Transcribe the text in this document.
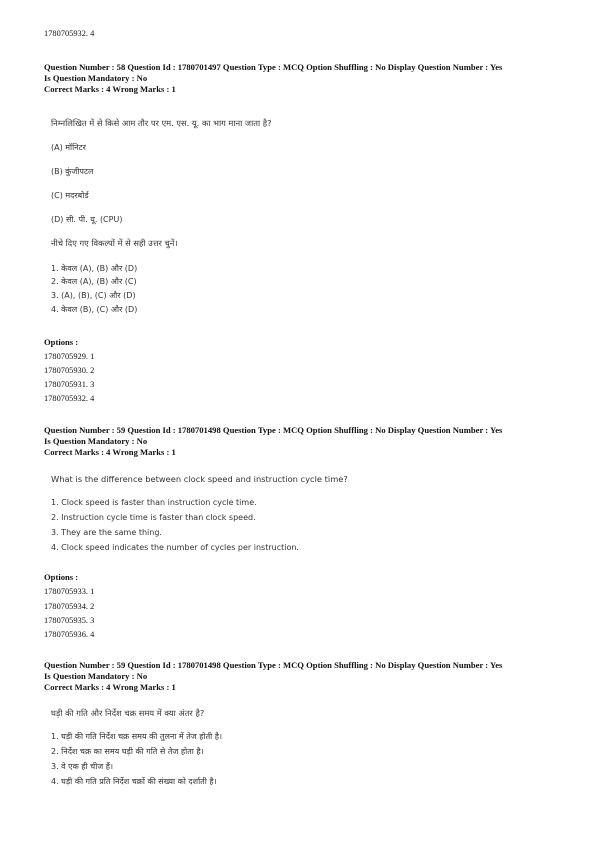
1780705932. 4
Question Number : 58 Question Id : 1780701497 Question Type : MCQ Option Shuffling : No Display Question Number : Yes
Is Question Mandatory : No
Correct Marks : 4 Wrong Marks : 1
निम्नलिखित में से किसे आम तौर पर एम. एस. यू. का भाग माना जाता है?
(A) मॉनिटर
(B) कुंजीपटल
(C) मदरबोर्ड
(D) सी. पी. यू. (CPU)
नीचे दिए गए विकल्पों में से सही उत्तर चुनें।
1. केवल (A), (B) और (D)
2. केवल (A), (B) और (C)
3. (A), (B), (C) और (D)
4. केवल (B), (C) और (D)
Options :
1780705929. 1
1780705930. 2
1780705931. 3
1780705932. 4
Question Number : 59 Question Id : 1780701498 Question Type : MCQ Option Shuffling : No Display Question Number : Yes
Is Question Mandatory : No
Correct Marks : 4 Wrong Marks : 1
What is the difference between clock speed and instruction cycle time?
1. Clock speed is faster than instruction cycle time.
2. Instruction cycle time is faster than clock speed.
3. They are the same thing.
4. Clock speed indicates the number of cycles per instruction.
Options :
1780705933. 1
1780705934. 2
1780705935. 3
1780705936. 4
Question Number : 59 Question Id : 1780701498 Question Type : MCQ Option Shuffling : No Display Question Number : Yes
Is Question Mandatory : No
Correct Marks : 4 Wrong Marks : 1
घड़ी की गति और निर्देश चक्र समय में क्या अंतर है?
1. घड़ी की गति निर्देश चक्र समय की तुलना में तेज होती है।
2. निर्देश चक्र का समय घड़ी की गति से तेज होता है।
3. वे एक ही चीज हैं।
4. घड़ी की गति प्रति निर्देश चक्रों की संख्या को दर्शाती है।
